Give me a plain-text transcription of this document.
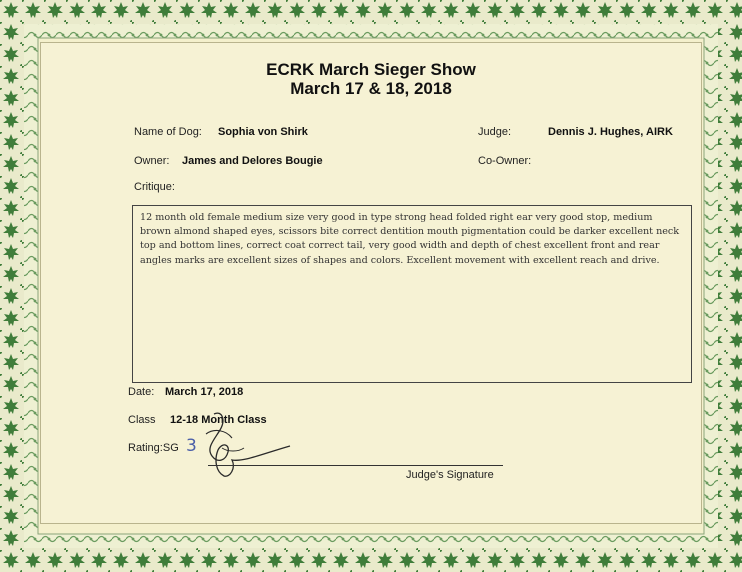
ECRK March Sieger Show
March 17 & 18, 2018
Name of Dog: Sophia von Shirk	Judge:	Dennis J. Hughes, AIRK
Owner: James and Delores Bougie	Co-Owner:
Critique:
12 month old female medium size very good in type strong head folded right ear very good stop, medium brown almond shaped eyes, scissors bite correct dentition mouth pigmentation could be darker excellent neck top and bottom lines, correct coat correct tail, very good width and depth of chest excellent front and rear angles marks are excellent sizes of shapes and colors. Excellent movement with excellent reach and drive.
Date: March 17, 2018
Class 12-18 Month Class
Rating:SG 3
Judge's Signature
